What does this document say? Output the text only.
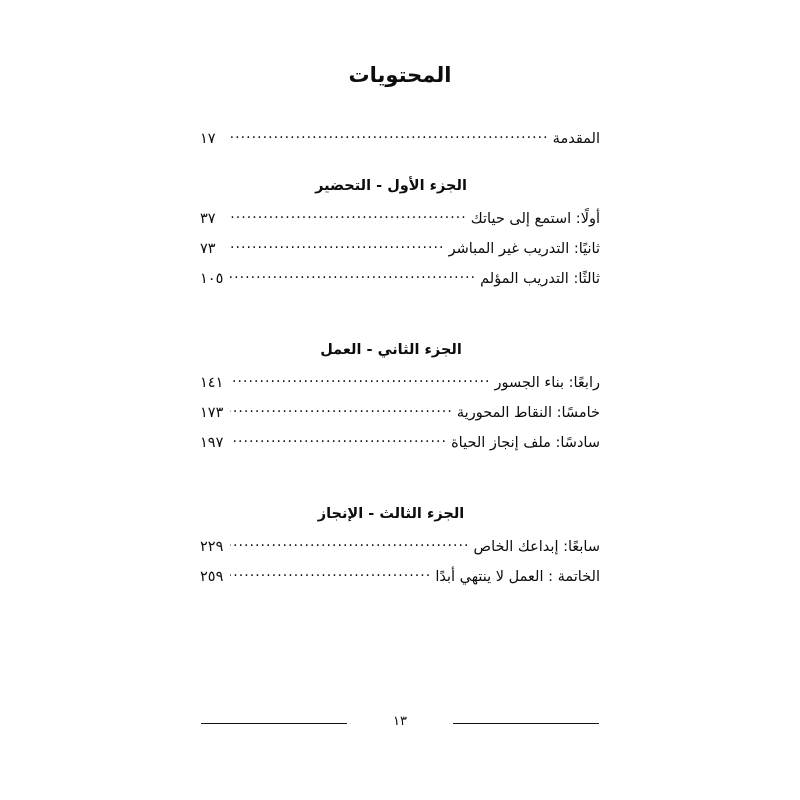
المحتويات
المقدمة
.....
١٧
الجزء الأول - التحضير
أولًا: استمع إلى حياتك
.....
٣٧
ثانيًا: التدريب غير المباشر
.....
٧٣
ثالثًا: التدريب المؤلم
.....
١٠٥
الجزء الثاني - العمل
رابعًا: بناء الجسور
.....
١٤١
خامسًا: النقاط المحورية
.....
١٧٣
سادسًا: ملف إنجاز الحياة
.....
١٩٧
الجزء الثالث - الإنجاز
سابعًا: إبداعك الخاص
.....
٢٢٩
الخاتمة : العمل لا ينتهي أبدًا
.....
٢٥٩
١٣
